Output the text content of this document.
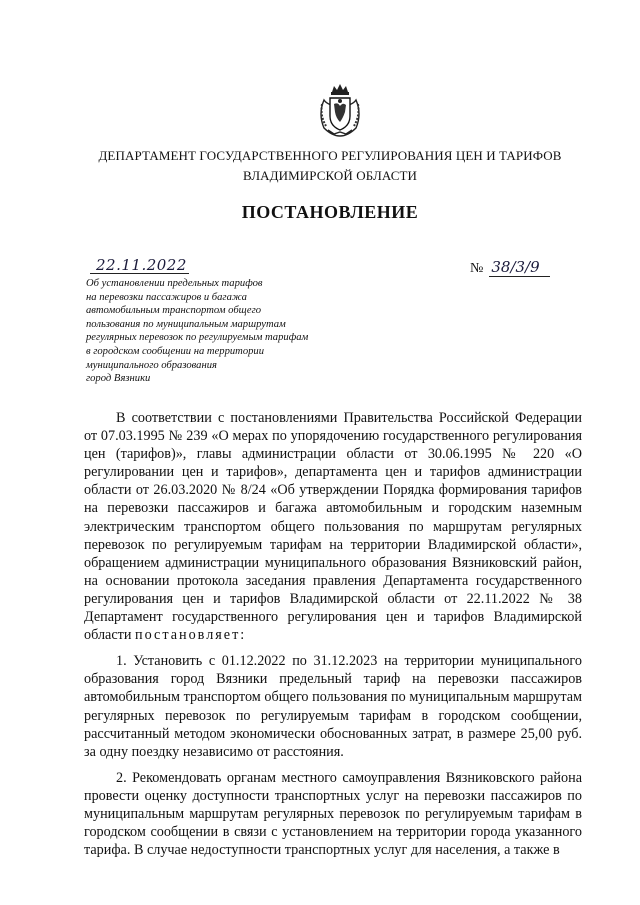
ДЕПАРТАМЕНТ ГОСУДАРСТВЕННОГО РЕГУЛИРОВАНИЯ ЦЕН И ТАРИФОВ
ВЛАДИМИРСКОЙ ОБЛАСТИ
ПОСТАНОВЛЕНИЕ
22.11.2022	№ 38/3/9
Об установлении предельных тарифов
на перевозки пассажиров и багажа
автомобильным транспортом общего
пользования по муниципальным маршрутам
регулярных перевозок по регулируемым тарифам
в городском сообщении на территории
муниципального образования
город Вязники

В соответствии с постановлениями Правительства Российской Федерации от 07.03.1995 № 239 «О мерах по упорядочению государственного регулирования цен (тарифов)», главы администрации области от 30.06.1995 № 220 «О регулировании цен и тарифов», департамента цен и тарифов администрации области от 26.03.2020 № 8/24 «Об утверждении Порядка формирования тарифов на перевозки пассажиров и багажа автомобильным и городским наземным электрическим транспортом общего пользования по маршрутам регулярных перевозок по регулируемым тарифам на территории Владимирской области», обращением администрации муниципального образования Вязниковский район, на основании протокола заседания правления Департамента государственного регулирования цен и тарифов Владимирской области от 22.11.2022 № 38 Департамент государственного регулирования цен и тарифов Владимирской области постановляет:

1. Установить с 01.12.2022 по 31.12.2023 на территории муниципального образования город Вязники предельный тариф на перевозки пассажиров автомобильным транспортом общего пользования по муниципальным маршрутам регулярных перевозок по регулируемым тарифам в городском сообщении, рассчитанный методом экономически обоснованных затрат, в размере 25,00 руб. за одну поездку независимо от расстояния.

2. Рекомендовать органам местного самоуправления Вязниковского района провести оценку доступности транспортных услуг на перевозки пассажиров по муниципальным маршрутам регулярных перевозок по регулируемым тарифам в городском сообщении в связи с установлением на территории города указанного тарифа. В случае недоступности транспортных услуг для населения, а также в
